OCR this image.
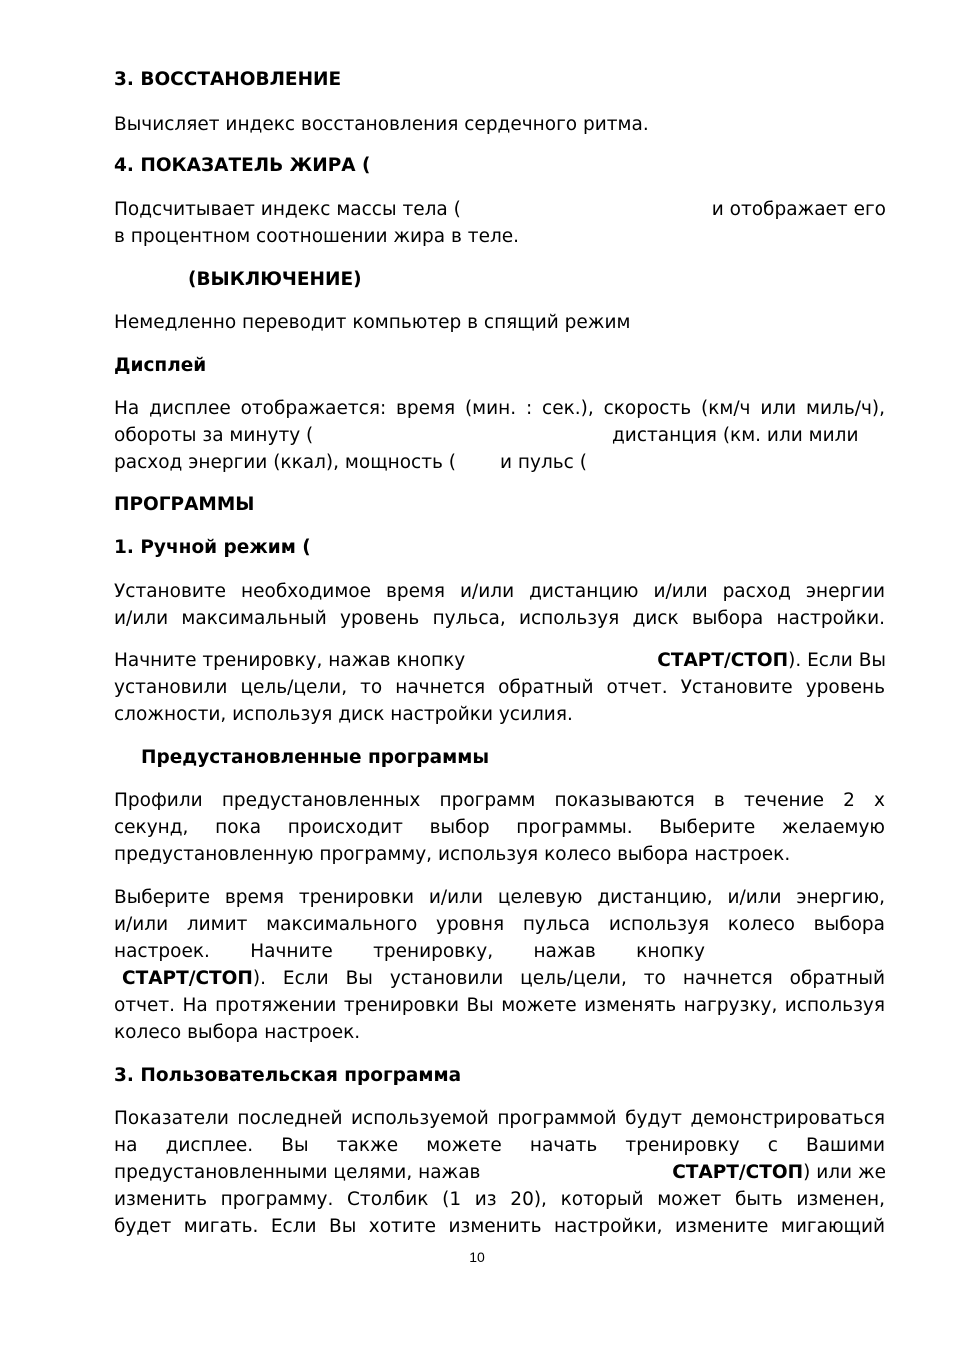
3. ВОССТАНОВЛЕНИЕ

Вычисляет индекс восстановления сердечного ритма.

4. ПОКАЗАТЕЛЬ ЖИРА (

Подсчитывает индекс массы тела (	и отображает его

в процентном соотношении жира в теле.

(ВЫКЛЮЧЕНИЕ)

Немедленно переводит компьютер в спящий режим

Дисплей

На дисплее отображается: время (мин. : сек.), скорость (км/ч или миль/ч),

обороты за минуту (	дистанция (км. или мили

расход энергии (ккал), мощность ( и пульс (

ПРОГРАММЫ

1. Ручной режим (

Установите необходимое время и/или дистанцию и/или расход энергии

и/или максимальный уровень пульса, используя диск выбора настройки.

Начните тренировку, нажав кнопку	СТАРТ/СТОП). Если Вы

установили цель/цели, то начнется обратный отчет. Установите уровень

сложности, используя диск настройки усилия.

Предустановленные программы

Профили предустановленных программ показываются в течение 2 х

секунд, пока происходит выбор программы. Выберите желаемую

предустановленную программу, используя колесо выбора настроек.

Выберите время тренировки и/или целевую дистанцию, и/или энергию,

и/или лимит максимального уровня пульса используя колесо выбора

настроек. Начните тренировку, нажав кнопку

СТАРТ/СТОП). Если Вы установили цель/цели, то начнется обратный

отчет. На протяжении тренировки Вы можете изменять нагрузку, используя

колесо выбора настроек.

3. Пользовательская программа

Показатели последней используемой программой будут демонстрироваться

на дисплее. Вы также можете начать тренировку с Вашими

предустановленными целями, нажав	СТАРТ/СТОП) или же

изменить программу. Столбик (1 из 20), который может быть изменен,

будет мигать. Если Вы хотите изменить настройки, измените мигающий

10
